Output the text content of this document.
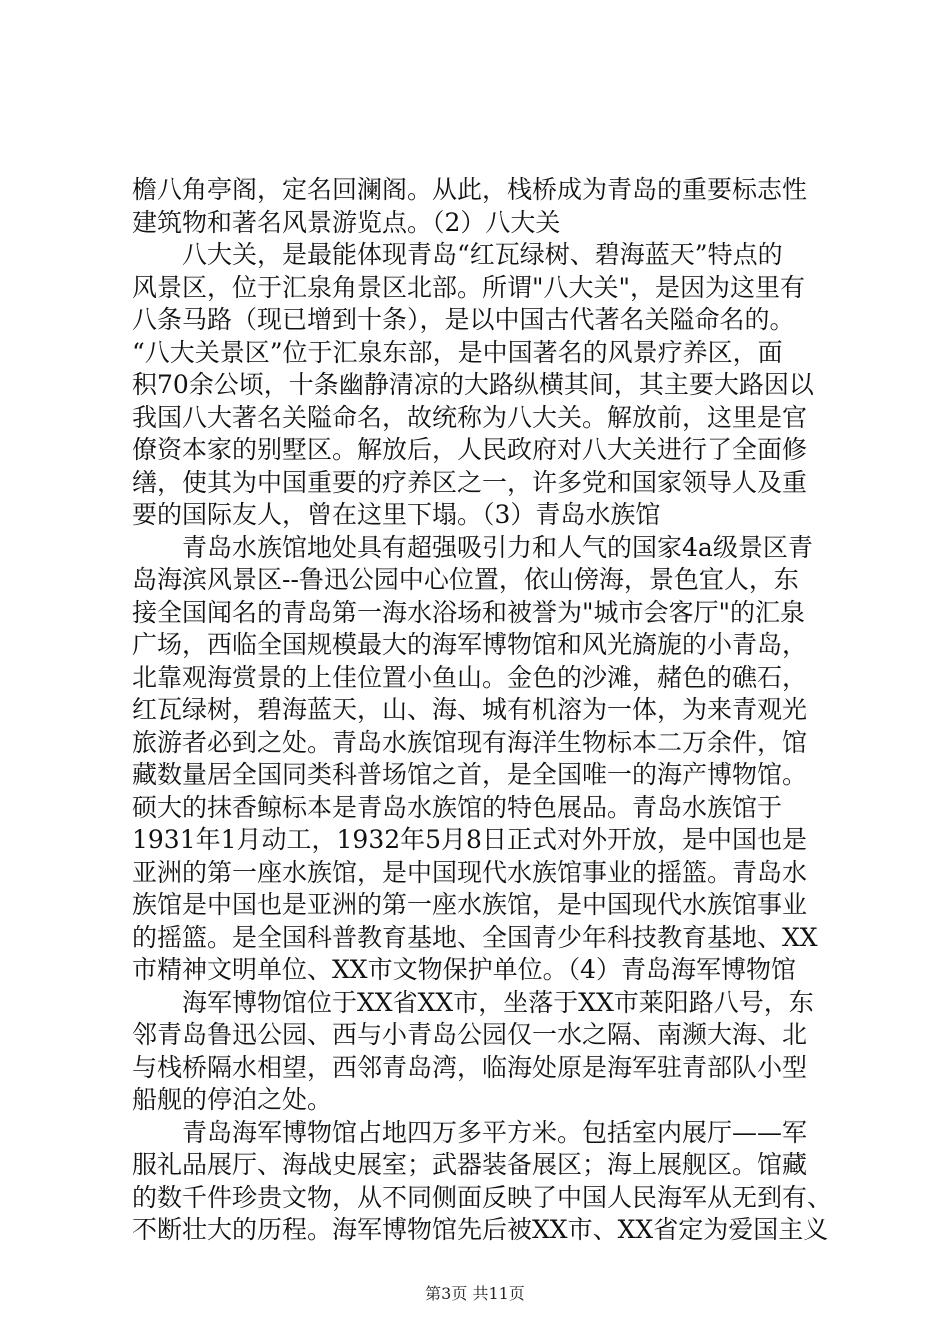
檐八角亭阁，定名回澜阁。从此，栈桥成为青岛的重要标志性
建筑物和著名风景游览点。（2）八大关
　　八大关，是最能体现青岛“红瓦绿树、碧海蓝天”特点的
风景区，位于汇泉角景区北部。所谓"八大关"，是因为这里有
八条马路（现已增到十条），是以中国古代著名关隘命名的。
“八大关景区”位于汇泉东部，是中国著名的风景疗养区，面
积70余公顷，十条幽静清凉的大路纵横其间，其主要大路因以
我国八大著名关隘命名，故统称为八大关。解放前，这里是官
僚资本家的别墅区。解放后，人民政府对八大关进行了全面修
缮，使其为中国重要的疗养区之一，许多党和国家领导人及重
要的国际友人，曾在这里下塌。（3）青岛水族馆
　　青岛水族馆地处具有超强吸引力和人气的国家4a级景区青
岛海滨风景区--鲁迅公园中心位置，依山傍海，景色宜人，东
接全国闻名的青岛第一海水浴场和被誉为"城市会客厅"的汇泉
广场，西临全国规模最大的海军博物馆和风光旖旎的小青岛，
北靠观海赏景的上佳位置小鱼山。金色的沙滩，赭色的礁石，
红瓦绿树，碧海蓝天，山、海、城有机溶为一体，为来青观光
旅游者必到之处。青岛水族馆现有海洋生物标本二万余件，馆
藏数量居全国同类科普场馆之首，是全国唯一的海产博物馆。
硕大的抹香鲸标本是青岛水族馆的特色展品。青岛水族馆于
1931年1月动工，1932年5月8日正式对外开放，是中国也是
亚洲的第一座水族馆，是中国现代水族馆事业的摇篮。青岛水
族馆是中国也是亚洲的第一座水族馆，是中国现代水族馆事业
的摇篮。是全国科普教育基地、全国青少年科技教育基地、XX
市精神文明单位、XX市文物保护单位。（4）青岛海军博物馆
　　海军博物馆位于XX省XX市，坐落于XX市莱阳路八号，东
邻青岛鲁迅公园、西与小青岛公园仅一水之隔、南濒大海、北
与栈桥隔水相望，西邻青岛湾，临海处原是海军驻青部队小型
船舰的停泊之处。
　　青岛海军博物馆占地四万多平方米。包括室内展厅——军
服礼品展厅、海战史展室；武器装备展区；海上展舰区。馆藏
的数千件珍贵文物，从不同侧面反映了中国人民海军从无到有、
不断壮大的历程。海军博物馆先后被XX市、XX省定为爱国主义
第3页 共11页
